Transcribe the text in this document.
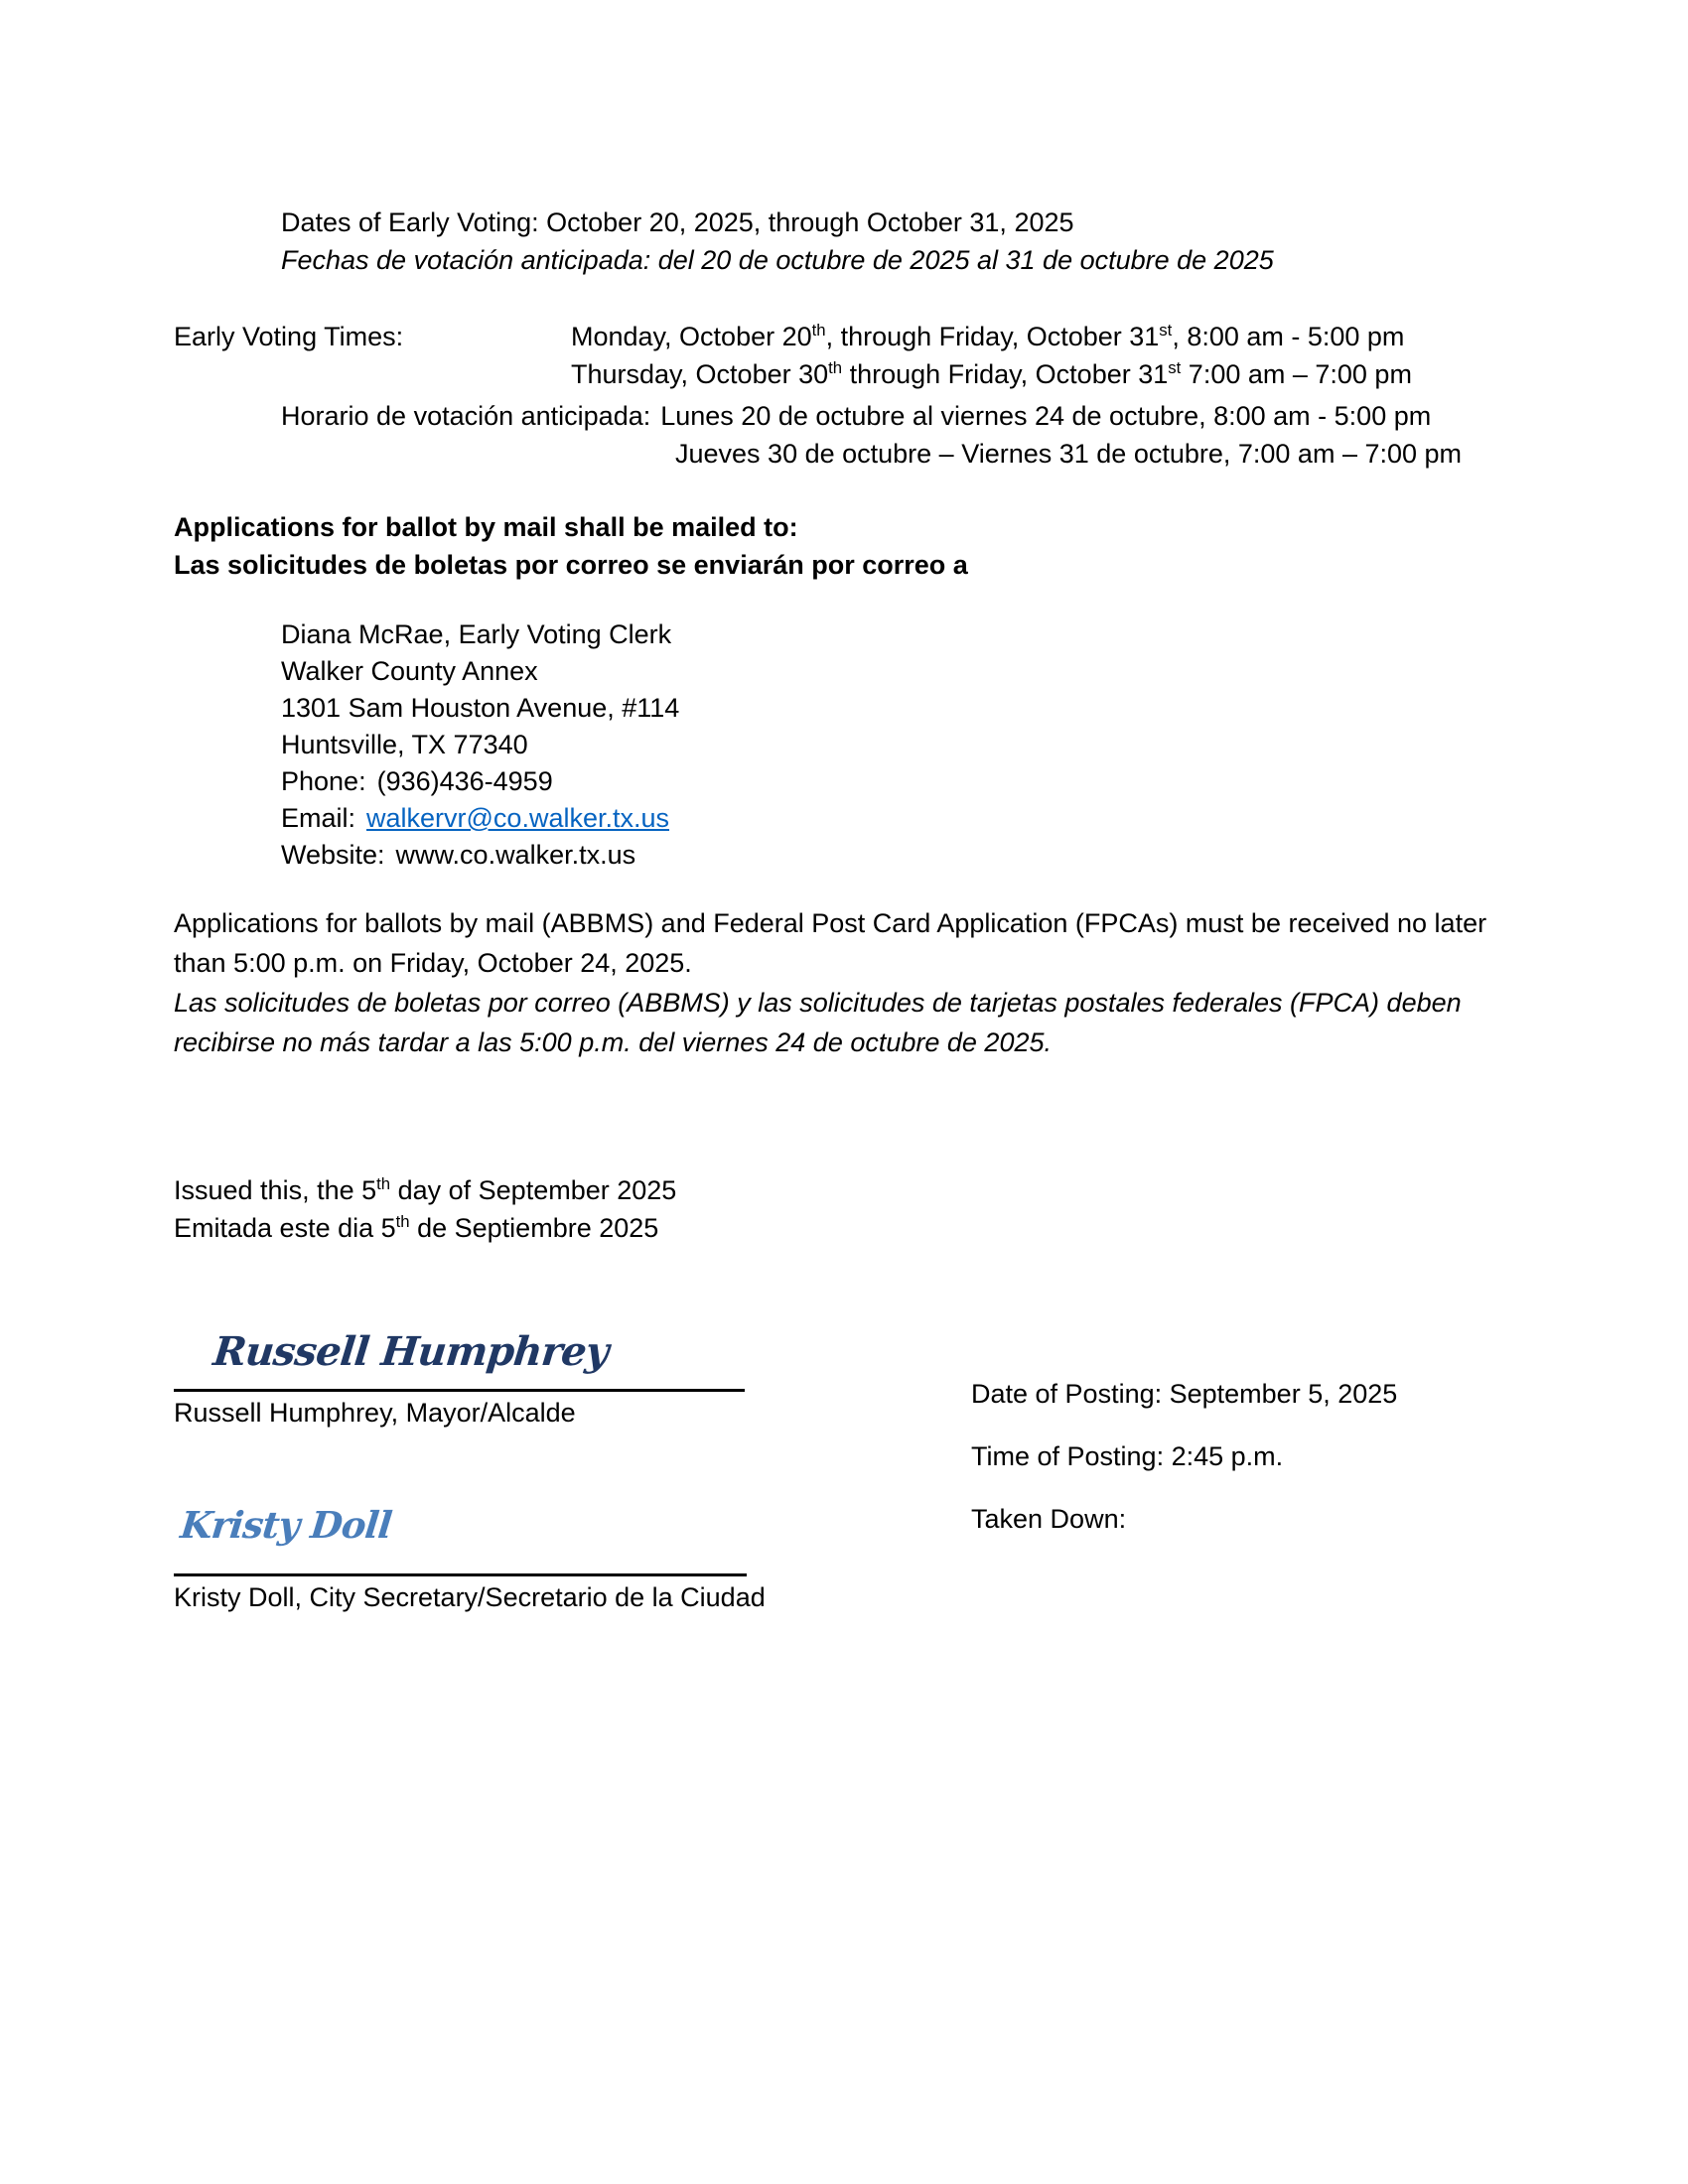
Dates of Early Voting: October 20, 2025, through October 31, 2025
Fechas de votación anticipada: del 20 de octubre de 2025 al 31 de octubre de 2025
Early Voting Times:	Monday, October 20th, through Friday, October 31st, 8:00 am - 5:00 pm
Thursday, October 30th through Friday, October 31st 7:00 am – 7:00 pm
Horario de votación anticipada: Lunes 20 de octubre al viernes 24 de octubre, 8:00 am - 5:00 pm
Jueves 30 de octubre – Viernes 31 de octubre, 7:00 am – 7:00 pm
Applications for ballot by mail shall be mailed to:
Las solicitudes de boletas por correo se enviarán por correo a
Diana McRae, Early Voting Clerk
Walker County Annex
1301 Sam Houston Avenue, #114
Huntsville, TX 77340
Phone: (936)436-4959
Email: walkervr@co.walker.tx.us
Website: www.co.walker.tx.us
Applications for ballots by mail (ABBMS) and Federal Post Card Application (FPCAs) must be received no later than 5:00 p.m. on Friday, October 24, 2025.
Las solicitudes de boletas por correo (ABBMS) y las solicitudes de tarjetas postales federales (FPCA) deben recibirse no más tardar a las 5:00 p.m. del viernes 24 de octubre de 2025.
Issued this, the 5th day of September 2025
Emitada este dia 5th de Septiembre 2025
Russell Humphrey
Russell Humphrey, Mayor/Alcalde
Kristy Doll
Kristy Doll, City Secretary/Secretario de la Ciudad
Date of Posting: September 5, 2025
Time of Posting: 2:45 p.m.
Taken Down:
